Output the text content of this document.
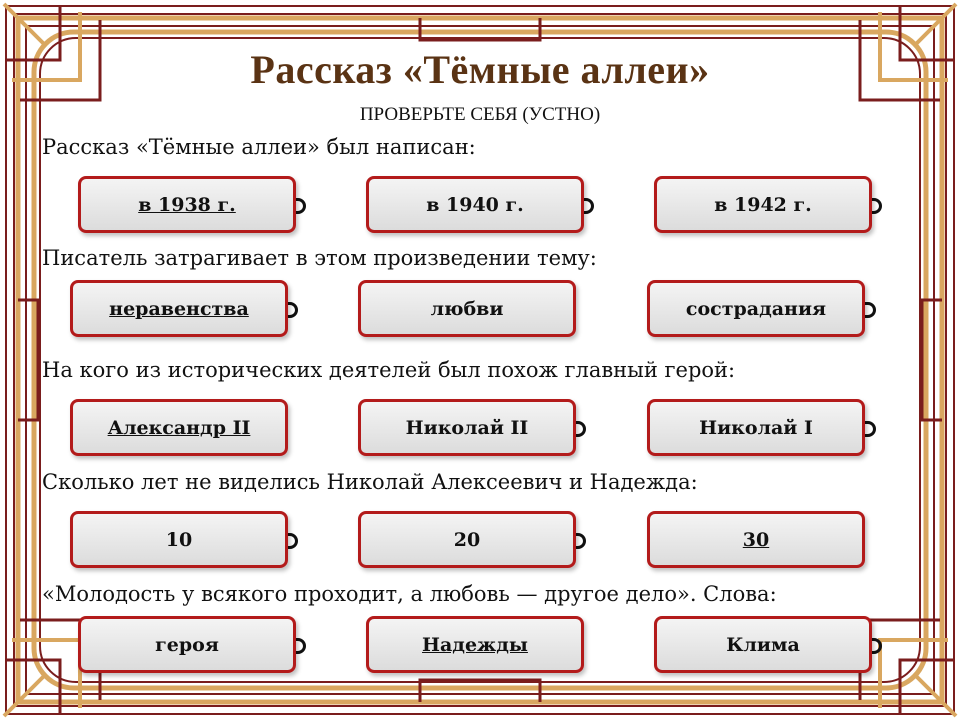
Рассказ «Тёмные аллеи»
ПРОВЕРЬТЕ СЕБЯ (УСТНО)
Рассказ «Тёмные аллеи» был написан:
Писатель затрагивает в этом произведении тему:
На кого из исторических деятелей был похож главный герой:
Сколько лет не виделись Николай Алексеевич и Надежда:
«Молодость у всякого проходит, а любовь — другое дело». Слова:
в 1938 г.	в 1940 г.	в 1942 г.
неравенства	любви	сострадания
Александр II	Николай II	Николай I
10	20	30
героя	Надежды	Клима
